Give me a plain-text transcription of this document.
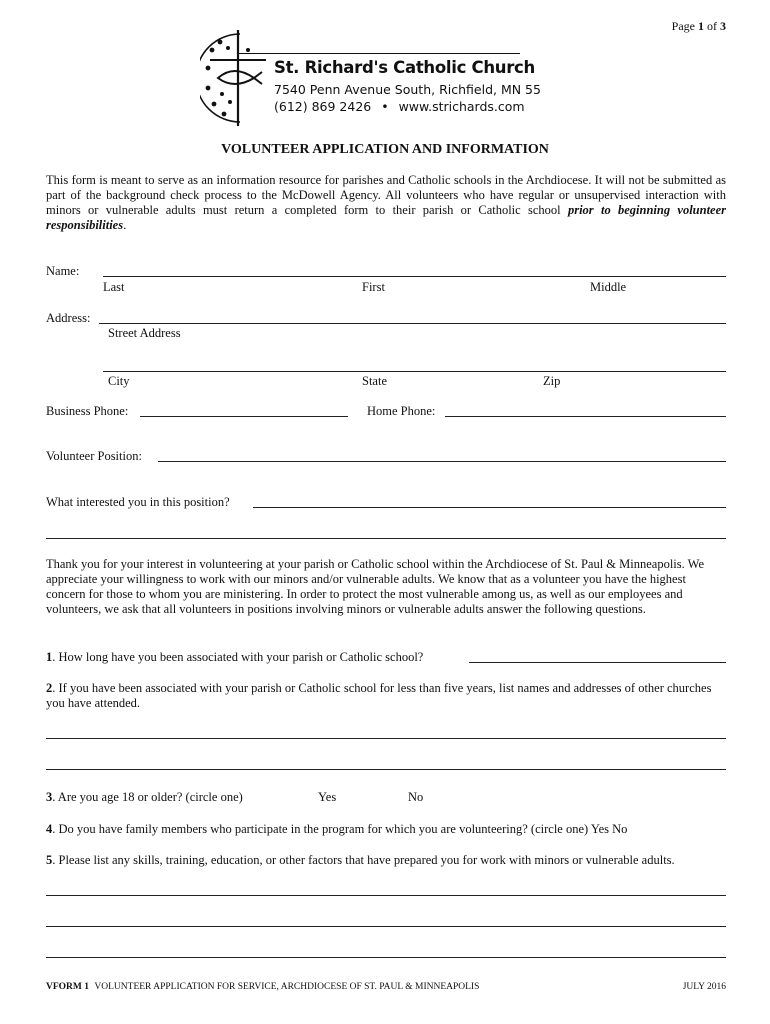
Page 1 of 3
St. Richard's Catholic Church
7540 Penn Avenue South, Richfield, MN 55
(612) 869 2426 • www.strichards.com
VOLUNTEER APPLICATION AND INFORMATION
This form is meant to serve as an information resource for parishes and Catholic schools in the Archdiocese. It will not be submitted as part of the background check process to the McDowell Agency. All volunteers who have regular or unsupervised interaction with minors or vulnerable adults must return a completed form to their parish or Catholic school prior to beginning volunteer responsibilities.
Name:
Last	First	Middle
Address:
Street Address
City	State	Zip
Business Phone:	Home Phone:
Volunteer Position:
What interested you in this position?
Thank you for your interest in volunteering at your parish or Catholic school within the Archdiocese of St. Paul & Minneapolis. We appreciate your willingness to work with our minors and/or vulnerable adults. We know that as a volunteer you have the highest concern for those to whom you are ministering. In order to protect the most vulnerable among us, as well as our employees and volunteers, we ask that all volunteers in positions involving minors or vulnerable adults answer the following questions.
1. How long have you been associated with your parish or Catholic school?
2. If you have been associated with your parish or Catholic school for less than five years, list names and addresses of other churches you have attended.
3. Are you age 18 or older? (circle one)	Yes	No
4. Do you have family members who participate in the program for which you are volunteering? (circle one) Yes No
5. Please list any skills, training, education, or other factors that have prepared you for work with minors or vulnerable adults.
VFORM 1 VOLUNTEER APPLICATION FOR SERVICE, ARCHDIOCESE OF ST. PAUL & MINNEAPOLIS	JULY 2016
